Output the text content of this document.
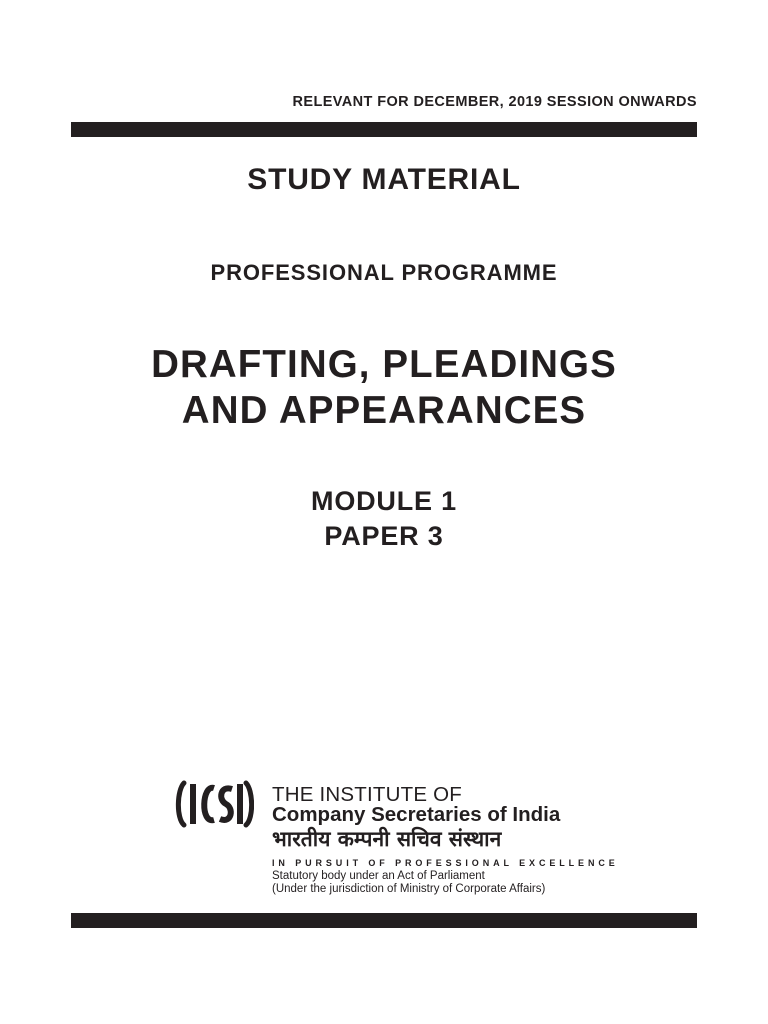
RELEVANT FOR DECEMBER, 2019 SESSION ONWARDS
STUDY MATERIAL
PROFESSIONAL PROGRAMME
DRAFTING, PLEADINGS
AND APPEARANCES
MODULE 1
PAPER 3
THE INSTITUTE OF
Company Secretaries of India
भारतीय कम्पनी सचिव संस्थान
IN PURSUIT OF PROFESSIONAL EXCELLENCE
Statutory body under an Act of Parliament
(Under the jurisdiction of Ministry of Corporate Affairs)
